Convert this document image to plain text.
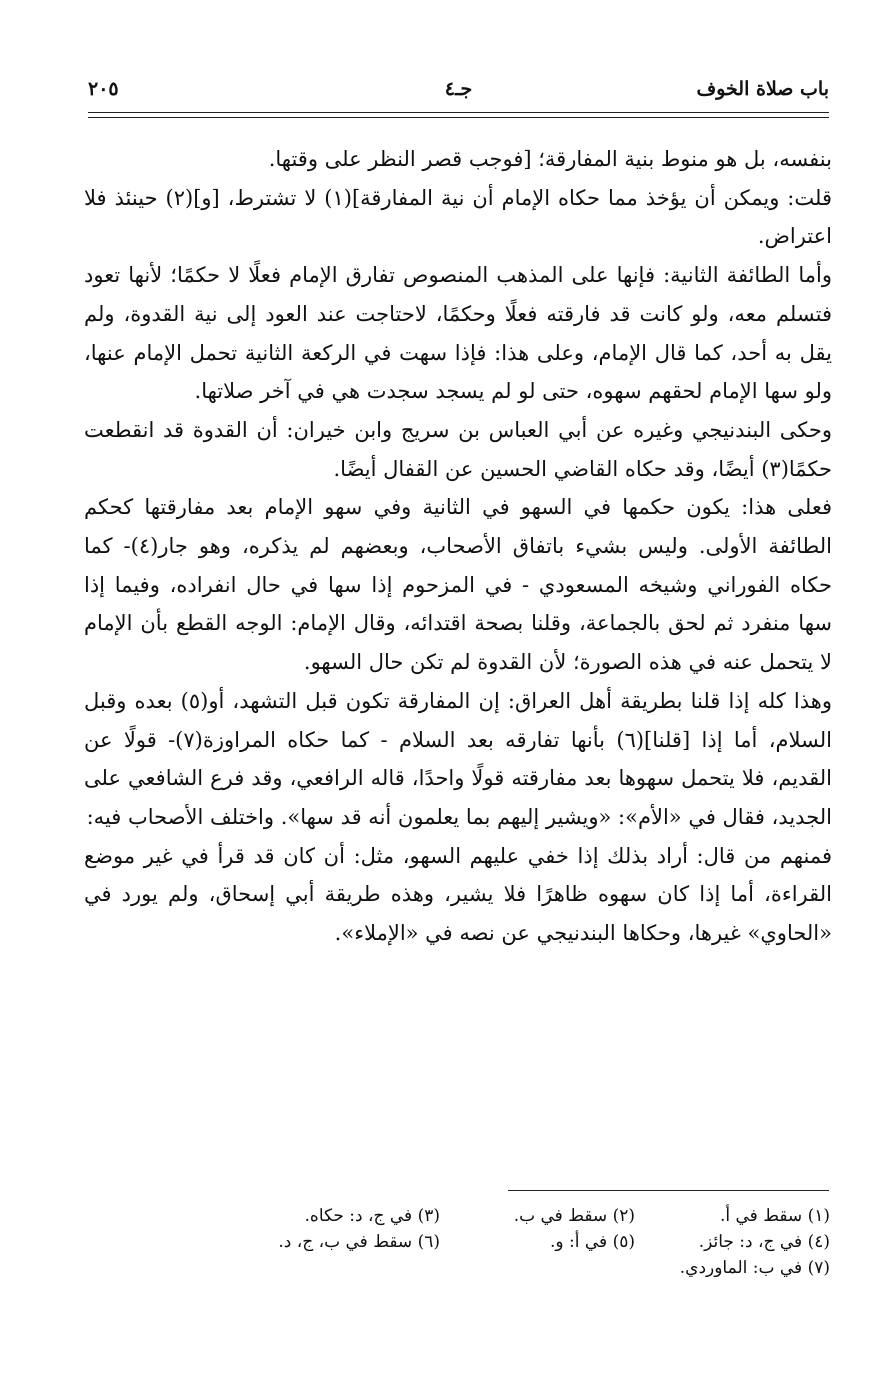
باب صلاة الخوف
جـ٤
٢٠٥

بنفسه، بل هو منوط بنية المفارقة؛ [فوجب قصر النظر على وقتها.

قلت: ويمكن أن يؤخذ مما حكاه الإمام أن نية المفارقة](١) لا تشترط، [و](٢) حينئذ فلا اعتراض.

وأما الطائفة الثانية: فإنها على المذهب المنصوص تفارق الإمام فعلًا لا حكمًا؛ لأنها تعود فتسلم معه، ولو كانت قد فارقته فعلًا وحكمًا، لاحتاجت عند العود إلى نية القدوة، ولم يقل به أحد، كما قال الإمام، وعلى هذا: فإذا سهت في الركعة الثانية تحمل الإمام عنها، ولو سها الإمام لحقهم سهوه، حتى لو لم يسجد سجدت هي في آخر صلاتها.

وحكى البندنيجي وغيره عن أبي العباس بن سريج وابن خيران: أن القدوة قد انقطعت حكمًا(٣) أيضًا، وقد حكاه القاضي الحسين عن القفال أيضًا.

فعلى هذا: يكون حكمها في السهو في الثانية وفي سهو الإمام بعد مفارقتها كحكم الطائفة الأولى. وليس بشيء باتفاق الأصحاب، وبعضهم لم يذكره، وهو جار(٤)- كما حكاه الفوراني وشيخه المسعودي - في المزحوم إذا سها في حال انفراده، وفيما إذا سها منفرد ثم لحق بالجماعة، وقلنا بصحة اقتدائه، وقال الإمام: الوجه القطع بأن الإمام لا يتحمل عنه في هذه الصورة؛ لأن القدوة لم تكن حال السهو.

وهذا كله إذا قلنا بطريقة أهل العراق: إن المفارقة تكون قبل التشهد، أو(٥) بعده وقبل السلام، أما إذا [قلنا](٦) بأنها تفارقه بعد السلام - كما حكاه المراوزة(٧)- قولًا عن القديم، فلا يتحمل سهوها بعد مفارقته قولًا واحدًا، قاله الرافعي، وقد فرع الشافعي على الجديد، فقال في «الأم»: «ويشير إليهم بما يعلمون أنه قد سها». واختلف الأصحاب فيه:

فمنهم من قال: أراد بذلك إذا خفي عليهم السهو، مثل: أن كان قد قرأ في غير موضع القراءة، أما إذا كان سهوه ظاهرًا فلا يشير، وهذه طريقة أبي إسحاق، ولم يورد في «الحاوي» غيرها، وحكاها البندنيجي عن نصه في «الإملاء».

(١) سقط في أ.
(٢) سقط في ب.
(٣) في ج، د: حكاه.
(٤) في ج، د: جائز.
(٥) في أ: و.
(٦) سقط في ب، ج، د.
(٧) في ب: الماوردي.
